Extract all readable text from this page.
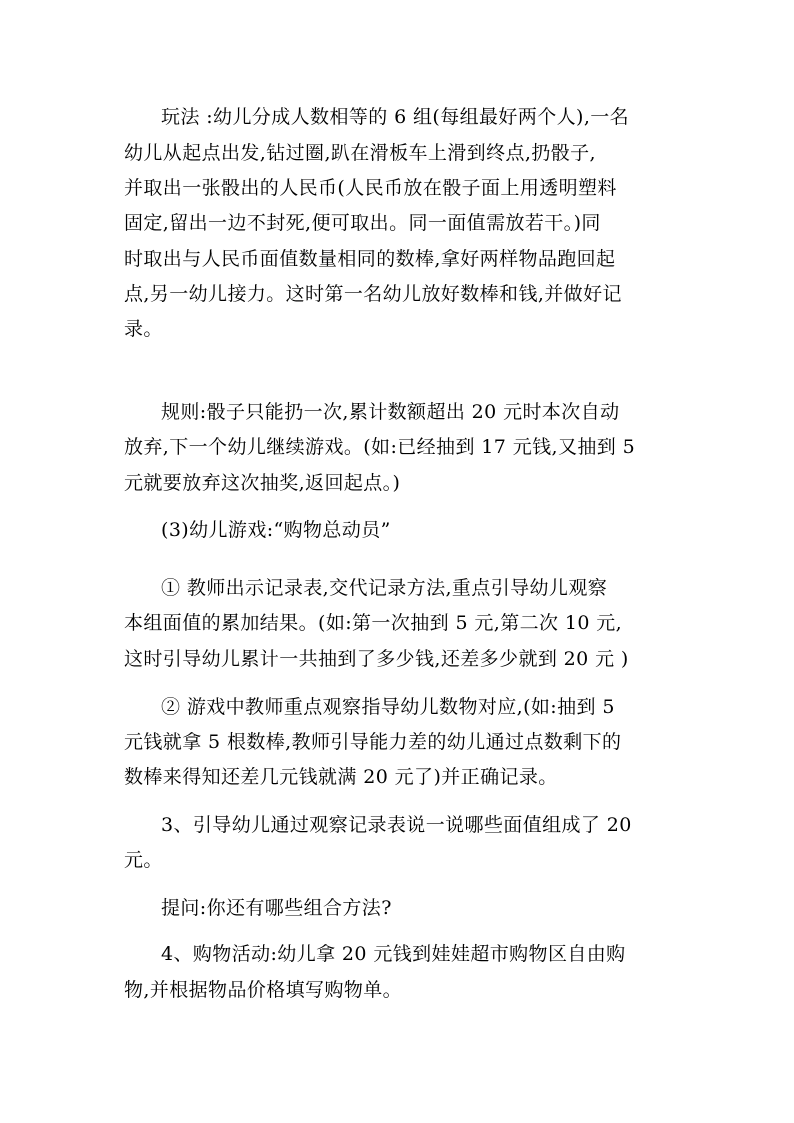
玩法 :幼儿分成人数相等的 6 组(每组最好两个人),一名
幼儿从起点出发,钻过圈,趴在滑板车上滑到终点,扔骰子,
并取出一张骰出的人民币(人民币放在骰子面上用透明塑料
固定,留出一边不封死,便可取出。同一面值需放若干。)同
时取出与人民币面值数量相同的数棒,拿好两样物品跑回起
点,另一幼儿接力。这时第一名幼儿放好数棒和钱,并做好记
录。
规则:骰子只能扔一次,累计数额超出 20 元时本次自动
放弃,下一个幼儿继续游戏。(如:已经抽到 17 元钱,又抽到 5
元就要放弃这次抽奖,返回起点。)
(3)幼儿游戏:“购物总动员”
① 教师出示记录表,交代记录方法,重点引导幼儿观察
本组面值的累加结果。(如:第一次抽到 5 元,第二次 10 元,
这时引导幼儿累计一共抽到了多少钱,还差多少就到 20 元 )
② 游戏中教师重点观察指导幼儿数物对应,(如:抽到 5
元钱就拿 5 根数棒,教师引导能力差的幼儿通过点数剩下的
数棒来得知还差几元钱就满 20 元了)并正确记录。
3、引导幼儿通过观察记录表说一说哪些面值组成了 20
元。
提问:你还有哪些组合方法?
4、购物活动:幼儿拿 20 元钱到娃娃超市购物区自由购
物,并根据物品价格填写购物单。
